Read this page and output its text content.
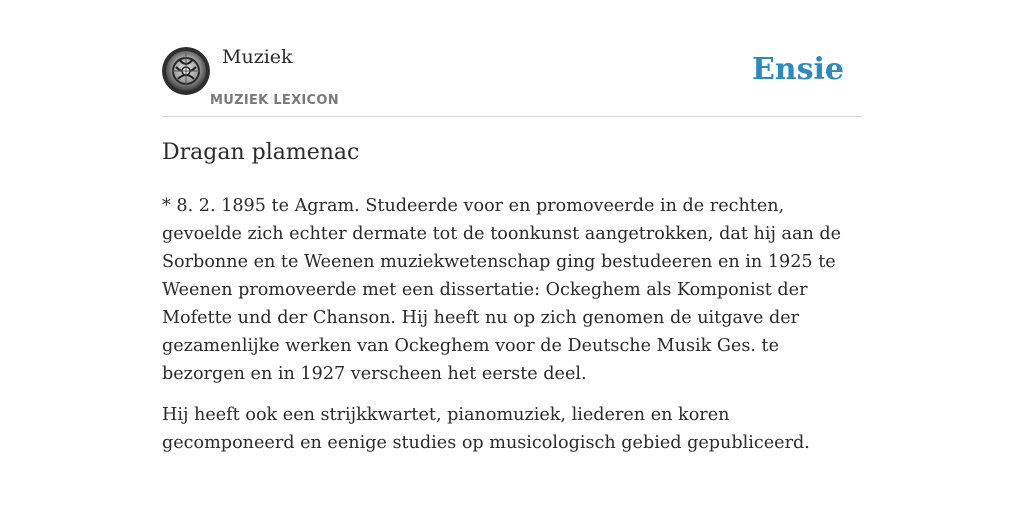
Muziek
MUZIEK LEXICON
Ensie
Dragan plamenac

* 8. 2. 1895 te Agram. Studeerde voor en promoveerde in de rechten, gevoelde zich echter dermate tot de toonkunst aangetrokken, dat hij aan de Sorbonne en te Weenen muziekwetenschap ging bestudeeren en in 1925 te Weenen promoveerde met een dissertatie: Ockeghem als Komponist der Mofette und der Chanson. Hij heeft nu op zich genomen de uitgave der gezamenlijke werken van Ockeghem voor de Deutsche Musik Ges. te bezorgen en in 1927 verscheen het eerste deel.

Hij heeft ook een strijkkwartet, pianomuziek, liederen en koren gecomponeerd en eenige studies op musicologisch gebied gepubliceerd.
